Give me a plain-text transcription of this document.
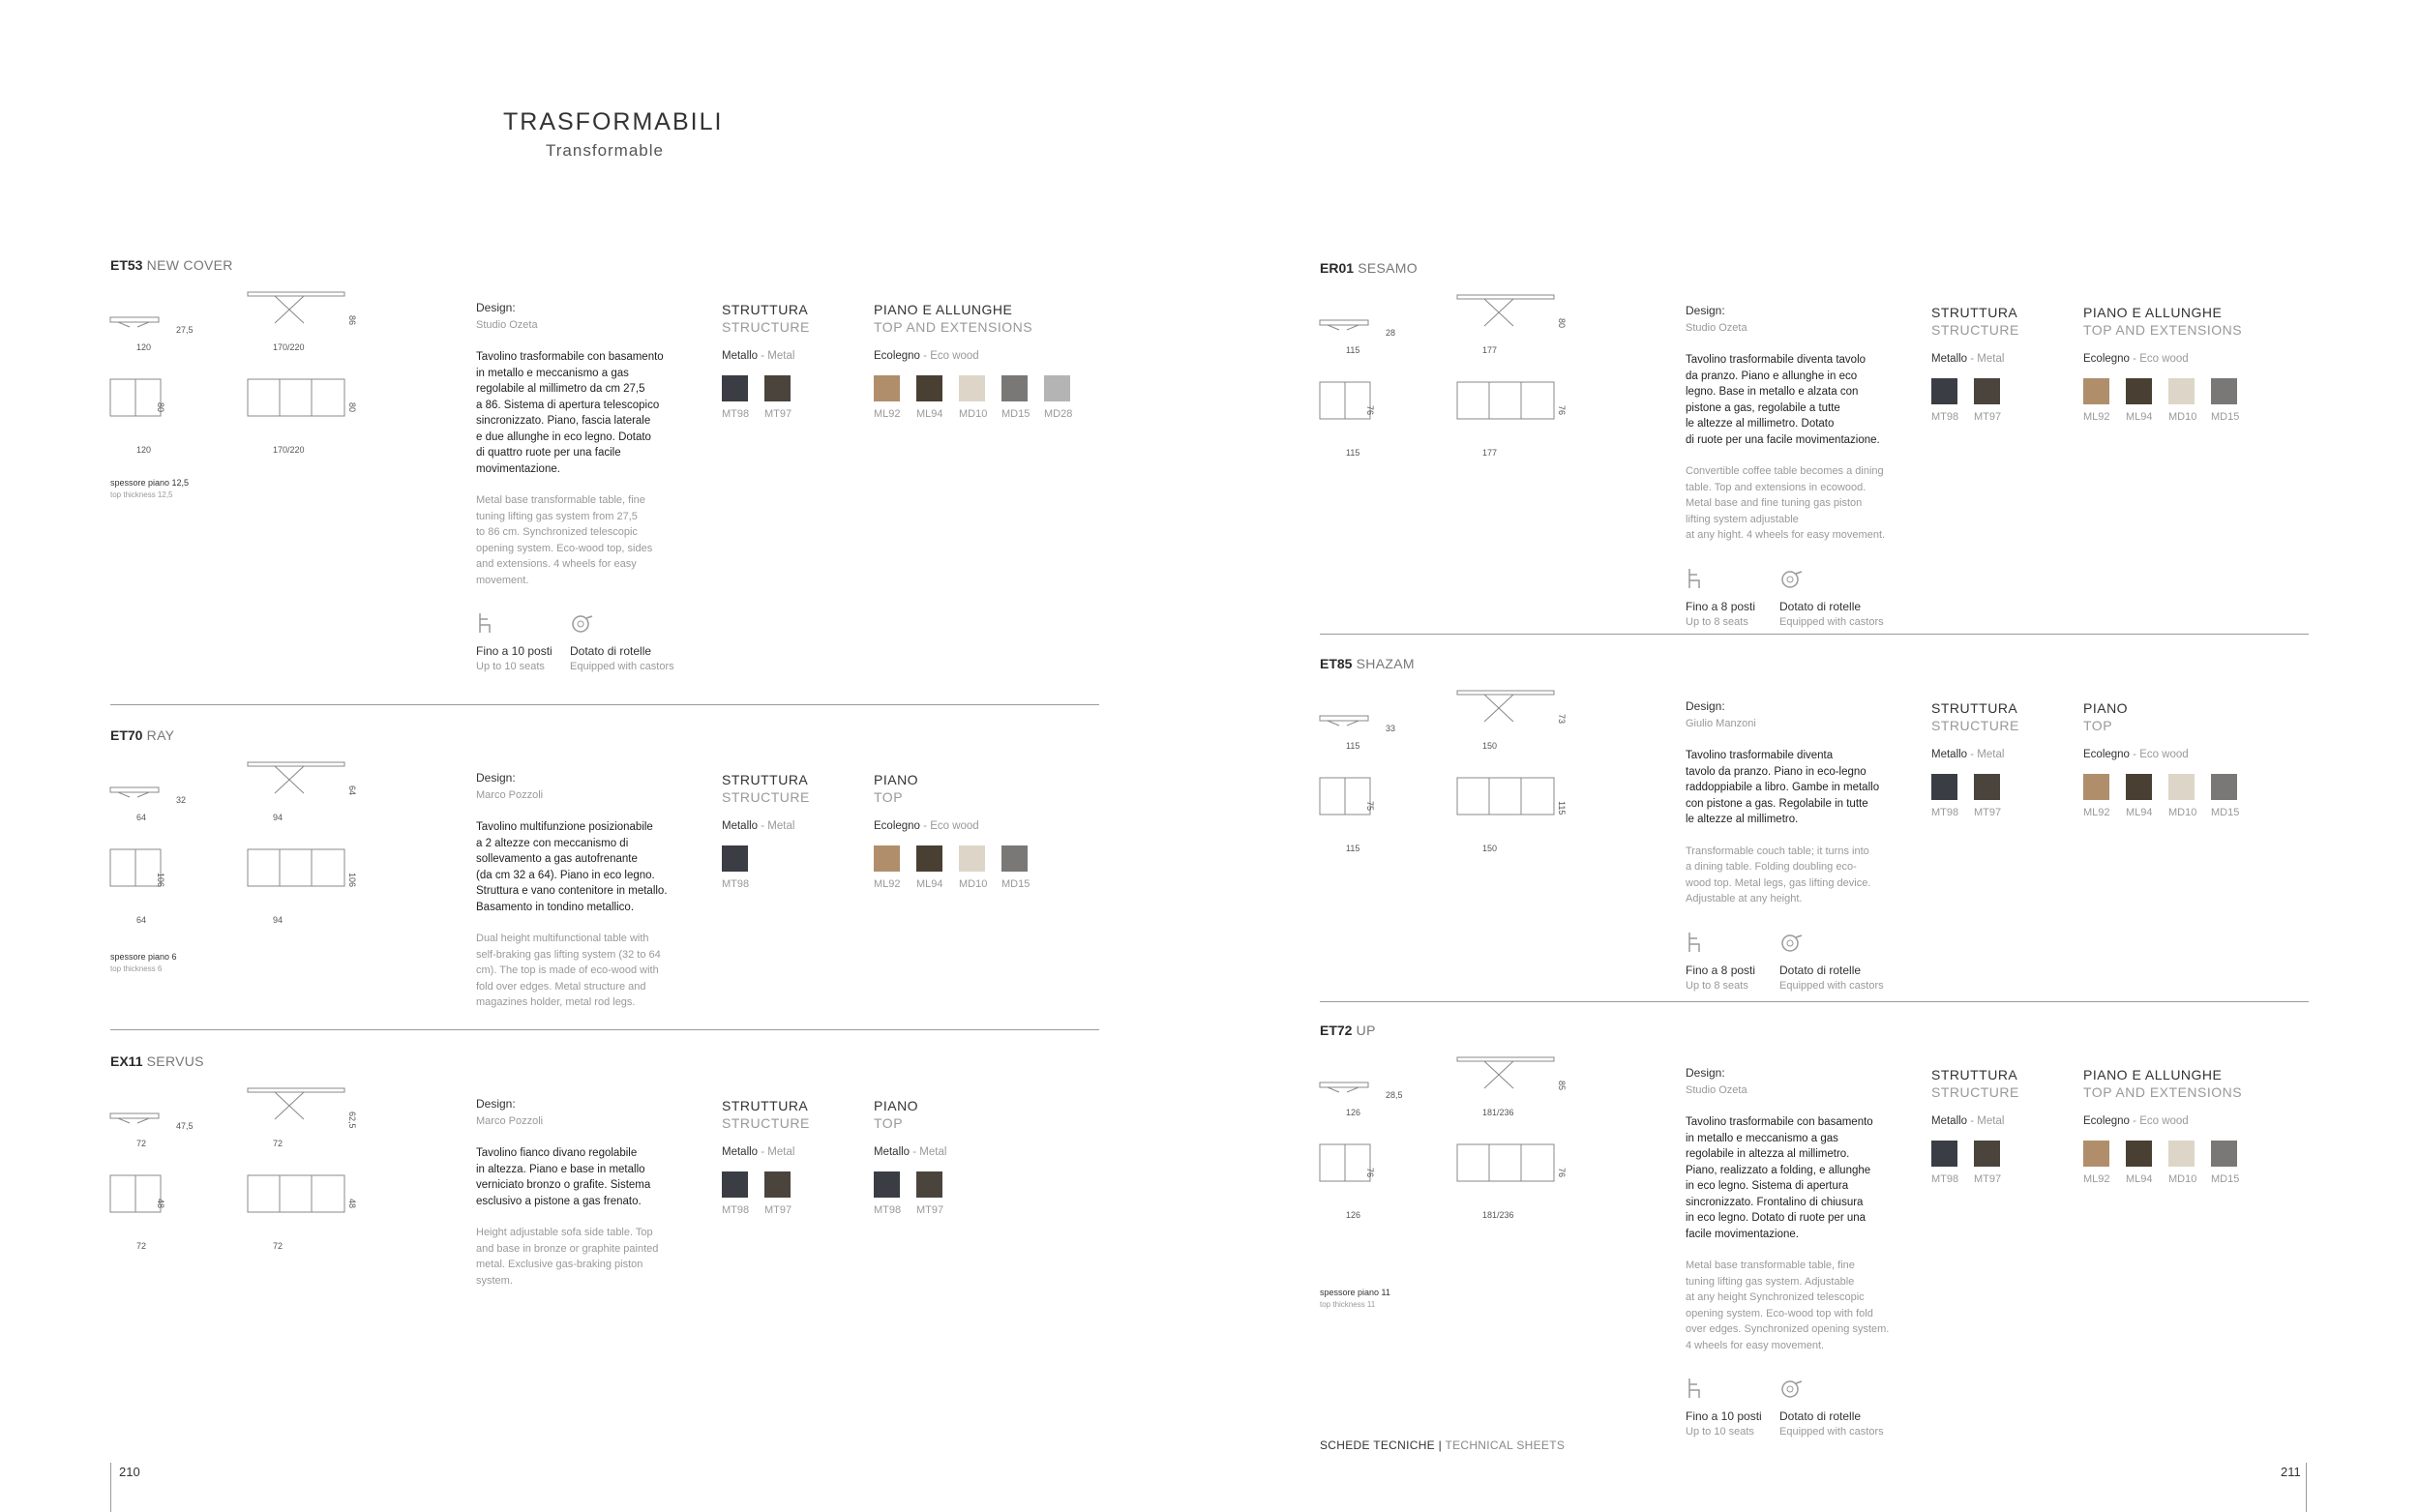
TRASFORMABILI
Transformable
ET53 NEW COVER
27,5
120
86
170/220
80
120
80
170/220
spessore piano 12,5
top thickness 12,5
Design:
Studio Ozeta
Tavolino trasformabile con basamento
in metallo e meccanismo a gas
regolabile al millimetro da cm 27,5
a 86. Sistema di apertura telescopico
sincronizzato. Piano, fascia laterale
e due allunghe in eco legno. Dotato
di quattro ruote per una facile
movimentazione.
Metal base transformable table, fine
tuning lifting gas system from 27,5
to 86 cm. Synchronized telescopic
opening system. Eco-wood top, sides
and extensions. 4 wheels for easy
movement.
Fino a 10 posti
Up to 10 seats
Dotato di rotelle
Equipped with castors
STRUTTURA
STRUCTURE
Metallo - Metal
MT98 MT97
PIANO E ALLUNGHE
TOP AND EXTENSIONS
Ecolegno - Eco wood
ML92 ML94 MD10 MD15 MD28
ET70 RAY
32
64
64
94
106
64
106
94
spessore piano 6
top thickness 6
Design:
Marco Pozzoli
Tavolino multifunzione posizionabile
a 2 altezze con meccanismo di
sollevamento a gas autofrenante
(da cm 32 a 64). Piano in eco legno.
Struttura e vano contenitore in metallo.
Basamento in tondino metallico.
Dual height multifunctional table with
self-braking gas lifting system (32 to 64
cm). The top is made of eco-wood with
fold over edges. Metal structure and
magazines holder, metal rod legs.
STRUTTURA
STRUCTURE
Metallo - Metal
MT98
PIANO
TOP
Ecolegno - Eco wood
ML92 ML94 MD10 MD15
EX11 SERVUS
47,5
72
62,5
72
48
72
48
72
Design:
Marco Pozzoli
Tavolino fianco divano regolabile
in altezza. Piano e base in metallo
verniciato bronzo o grafite. Sistema
esclusivo a pistone a gas frenato.
Height adjustable sofa side table. Top
and base in bronze or graphite painted
metal. Exclusive gas-braking piston
system.
STRUTTURA
STRUCTURE
Metallo - Metal
MT98 MT97
PIANO
TOP
Metallo - Metal
MT98 MT97
ER01 SESAMO
28
115
80
177
76
115
76
177
Design:
Studio Ozeta
Tavolino trasformabile diventa tavolo
da pranzo. Piano e allunghe in eco
legno. Base in metallo e alzata con
pistone a gas, regolabile a tutte
le altezze al millimetro. Dotato
di ruote per una facile movimentazione.
Convertible coffee table becomes a dining
table. Top and extensions in ecowood.
Metal base and fine tuning gas piston
lifting system adjustable
at any hight. 4 wheels for easy movement.
Fino a 8 posti
Up to 8 seats
Dotato di rotelle
Equipped with castors
STRUTTURA
STRUCTURE
Metallo - Metal
MT98 MT97
PIANO E ALLUNGHE
TOP AND EXTENSIONS
Ecolegno - Eco wood
ML92 ML94 MD10 MD15
ET85 SHAZAM
33
115
73
150
75
115
115
150
Design:
Giulio Manzoni
Tavolino trasformabile diventa
tavolo da pranzo. Piano in eco-legno
raddoppiabile a libro. Gambe in metallo
con pistone a gas. Regolabile in tutte
le altezze al millimetro.
Transformable couch table; it turns into
a dining table. Folding doubling eco-
wood top. Metal legs, gas lifting device.
Adjustable at any height.
Fino a 8 posti
Up to 8 seats
Dotato di rotelle
Equipped with castors
STRUTTURA
STRUCTURE
Metallo - Metal
MT98 MT97
PIANO
TOP
Ecolegno - Eco wood
ML92 ML94 MD10 MD15
ET72 UP
28,5
126
85
181/236
76
126
76
181/236
spessore piano 11
top thickness 11
Design:
Studio Ozeta
Tavolino trasformabile con basamento
in metallo e meccanismo a gas
regolabile in altezza al millimetro.
Piano, realizzato a folding, e allunghe
in eco legno. Sistema di apertura
sincronizzato. Frontalino di chiusura
in eco legno. Dotato di ruote per una
facile movimentazione.
Metal base transformable table, fine
tuning lifting gas system. Adjustable
at any height Synchronized telescopic
opening system. Eco-wood top with fold
over edges. Synchronized opening system.
4 wheels for easy movement.
Fino a 10 posti
Up to 10 seats
Dotato di rotelle
Equipped with castors
STRUTTURA
STRUCTURE
Metallo - Metal
MT98 MT97
PIANO E ALLUNGHE
TOP AND EXTENSIONS
Ecolegno - Eco wood
ML92 ML94 MD10 MD15
SCHEDE TECNICHE | TECHNICAL SHEETS
210	211
